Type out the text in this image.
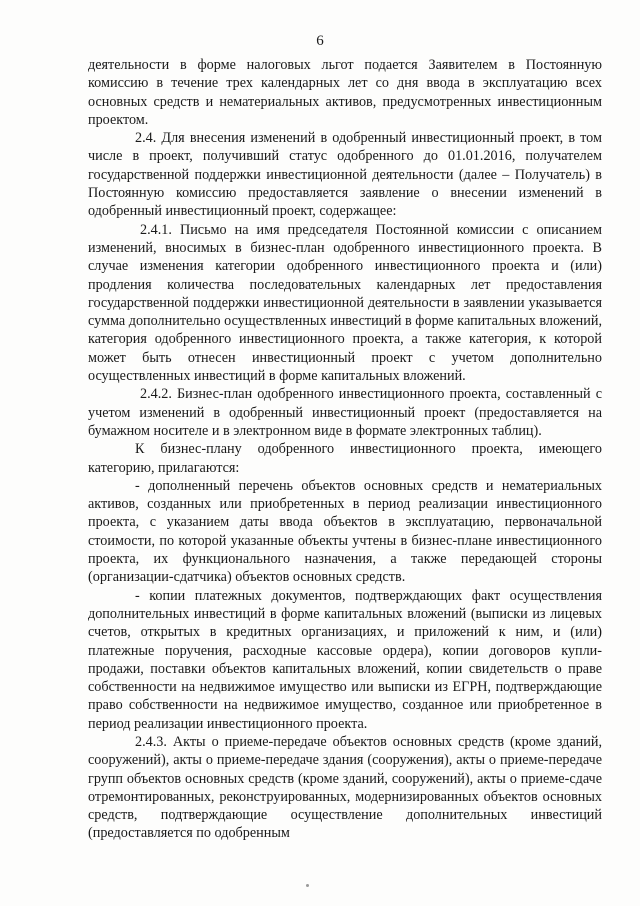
6

деятельности в форме налоговых льгот подается Заявителем в Постоянную комиссию в течение трех календарных лет со дня ввода в эксплуатацию всех основных средств и нематериальных активов, предусмотренных инвестиционным проектом.

2.4. Для внесения изменений в одобренный инвестиционный проект, в том числе в проект, получивший статус одобренного до 01.01.2016, получателем государственной поддержки инвестиционной деятельности (далее – Получатель) в Постоянную комиссию предоставляется заявление о внесении изменений в одобренный инвестиционный проект, содержащее:

2.4.1. Письмо на имя председателя Постоянной комиссии с описанием изменений, вносимых в бизнес-план одобренного инвестиционного проекта. В случае изменения категории одобренного инвестиционного проекта и (или) продления количества последовательных календарных лет предоставления государственной поддержки инвестиционной деятельности в заявлении указывается сумма дополнительно осуществленных инвестиций в форме капитальных вложений, категория одобренного инвестиционного проекта, а также категория, к которой может быть отнесен инвестиционный проект с учетом дополнительно осуществленных инвестиций в форме капитальных вложений.

2.4.2. Бизнес-план одобренного инвестиционного проекта, составленный с учетом изменений в одобренный инвестиционный проект (предоставляется на бумажном носителе и в электронном виде в формате электронных таблиц).

К бизнес-плану одобренного инвестиционного проекта, имеющего категорию, прилагаются:

- дополненный перечень объектов основных средств и нематериальных активов, созданных или приобретенных в период реализации инвестиционного проекта, с указанием даты ввода объектов в эксплуатацию, первоначальной стоимости, по которой указанные объекты учтены в бизнес-плане инвестиционного проекта, их функционального назначения, а также передающей стороны (организации-сдатчика) объектов основных средств.

- копии платежных документов, подтверждающих факт осуществления дополнительных инвестиций в форме капитальных вложений (выписки из лицевых счетов, открытых в кредитных организациях, и приложений к ним, и (или) платежные поручения, расходные кассовые ордера), копии договоров купли-продажи, поставки объектов капитальных вложений, копии свидетельств о праве собственности на недвижимое имущество или выписки из ЕГРН, подтверждающие право собственности на недвижимое имущество, созданное или приобретенное в период реализации инвестиционного проекта.

2.4.3. Акты о приеме-передаче объектов основных средств (кроме зданий, сооружений), акты о приеме-передаче здания (сооружения), акты о приеме-передаче групп объектов основных средств (кроме зданий, сооружений), акты о приеме-сдаче отремонтированных, реконструированных, модернизированных объектов основных средств, подтверждающие осуществление дополнительных инвестиций (предоставляется по одобренным
